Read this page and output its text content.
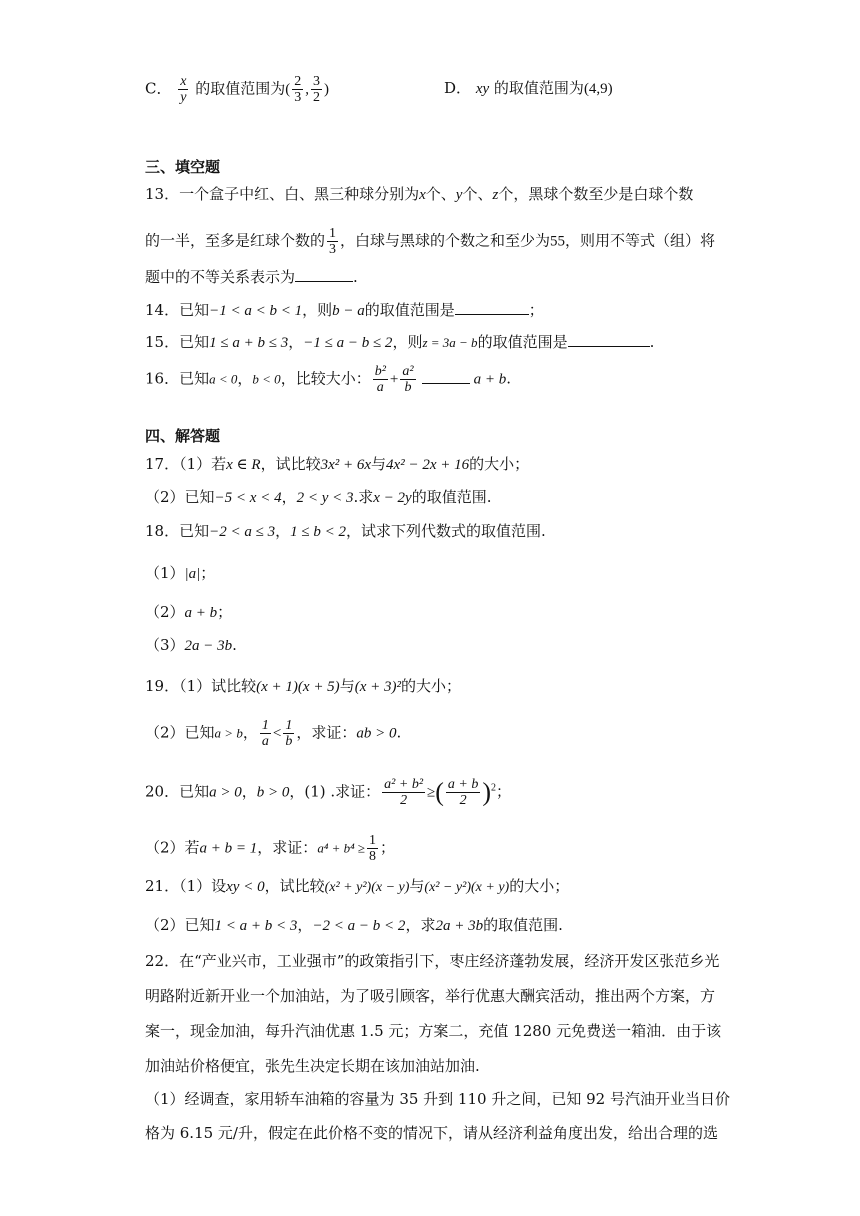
C． $\frac{x}{y}$ 的取值范围为( $\frac{2}{3}$ , $\frac{3}{2}$ )	D． xy 的取值范围为(4,9)
三、填空题
13．一个盒子中红、白、黑三种球分别为x个、y个、z个，黑球个数至少是白球个数
的一半，至多是红球个数的 $\frac{1}{3}$ ，白球与黑球的个数之和至少为55，则用不等式（组）将
题中的不等关系表示为	.
14．已知−1 < a < b < 1，则b − a的取值范围是	；
15．已知1 ≤ a + b ≤ 3，−1 ≤ a − b ≤ 2，则z = 3a − b的取值范围是	.
16．已知a < 0，b < 0，比较大小： $\frac{\text{b²}}{a} + \frac{\text{a²}}{b}$	a + b.
四、解答题
17．（1）若x ∈ R，试比较3x² + 6x与4x² − 2x + 16的大小；
（2）已知−5 < x < 4，2 < y < 3.求x − 2y的取值范围.
18．已知−2 < a ≤ 3，1 ≤ b < 2，试求下列代数式的取值范围.
（1）|a|；
（2）a + b；
（3）2a − 3b.
19．（1）试比较(x + 1)(x + 5)与(x + 3)²的大小；
（2）已知a > b， $\frac{1}{a} < \frac{1}{b}$ ，求证：ab > 0.
20．已知a > 0，b > 0，(1) .求证： $\frac{\text{a² + b²}}{2}$ ≥( $\frac{a + b}{2} )^2$；
（2）若a + b = 1，求证：$a^4 + b^4 \ge \frac{1}{8}$ ；
21．（1）设xy < 0，试比较(x² + y²)(x − y)与(x² − y²)(x + y)的大小；
（2）已知1 < a + b < 3，−2 < a − b < 2，求2a + 3b的取值范围.
22．在“产业兴市，工业强市”的政策指引下，枣庄经济蓬勃发展，经济开发区张范乡光
明路附近新开业一个加油站，为了吸引顾客，举行优惠大酬宾活动，推出两个方案，方
案一，现金加油，每升汽油优惠 1.5 元；方案二，充值 1280 元免费送一箱油．由于该
加油站价格便宜，张先生决定长期在该加油站加油.
（1）经调查，家用轿车油箱的容量为 35 升到 110 升之间，已知 92 号汽油开业当日价
格为 6.15 元/升，假定在此价格不变的情况下，请从经济利益角度出发，给出合理的选
